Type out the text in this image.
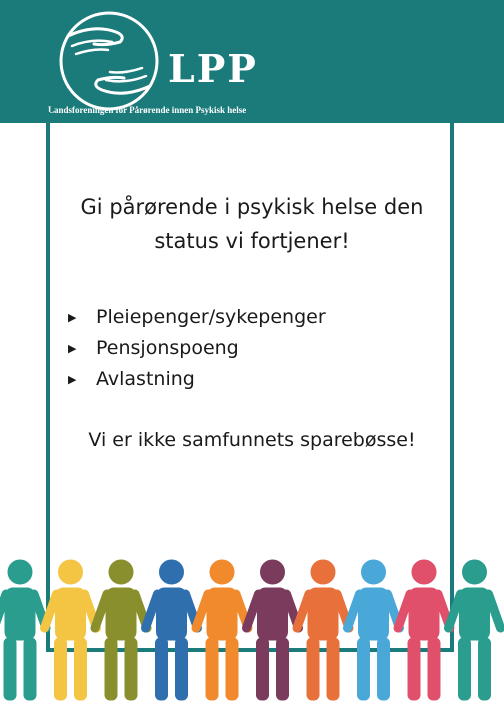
LPP
Landsforeningen for Pårørende innen Psykisk helse
Gi pårørende i psykisk helse den
status vi fortjener!
▶ Pleiepenger/sykepenger
▶ Pensjonspoeng
▶ Avlastning
Vi er ikke samfunnets sparebøsse!
